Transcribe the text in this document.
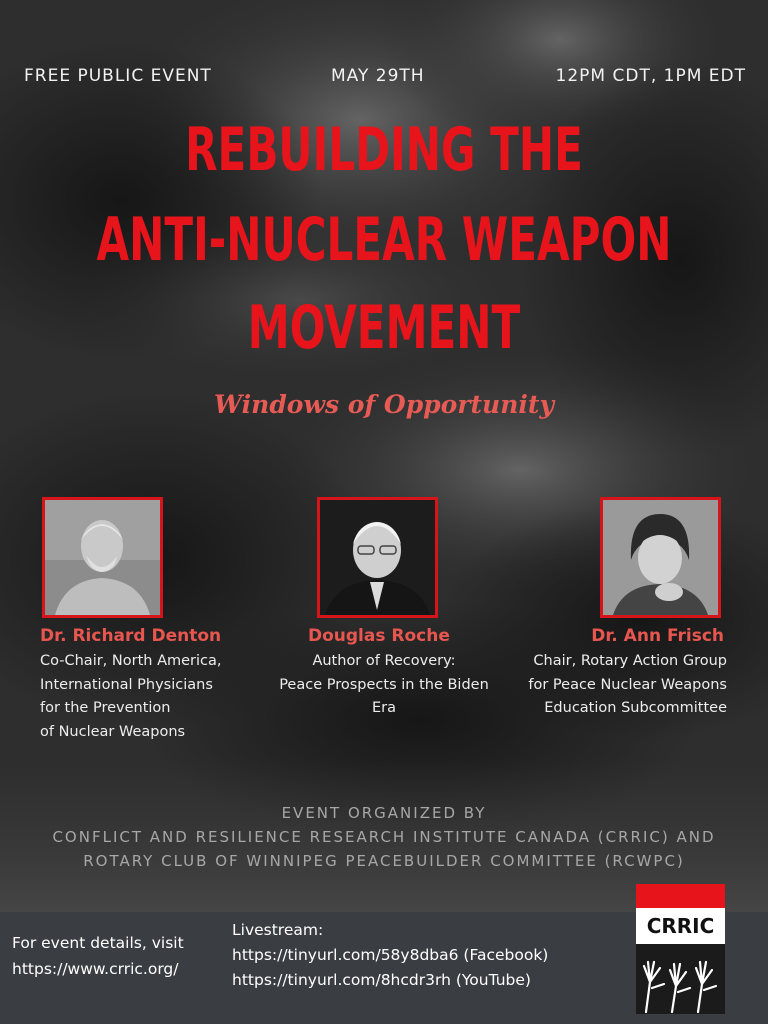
FREE PUBLIC EVENT	MAY 29TH	12PM CDT, 1PM EDT
REBUILDING THE
ANTI-NUCLEAR WEAPON
MOVEMENT
Windows of Opportunity
Dr. Richard Denton	Douglas Roche	Dr. Ann Frisch
Co-Chair, North America,
International Physicians
for the Prevention
of Nuclear Weapons
Author of Recovery:
Peace Prospects in the Biden
Era
Chair, Rotary Action Group
for Peace Nuclear Weapons
Education Subcommittee
EVENT ORGANIZED BY
CONFLICT AND RESILIENCE RESEARCH INSTITUTE CANADA (CRRIC) AND
ROTARY CLUB OF WINNIPEG PEACEBUILDER COMMITTEE (RCWPC)
For event details, visit
https://www.crric.org/
Livestream:
https://tinyurl.com/58y8dba6 (Facebook)
https://tinyurl.com/8hcdr3rh (YouTube)
CRRIC
